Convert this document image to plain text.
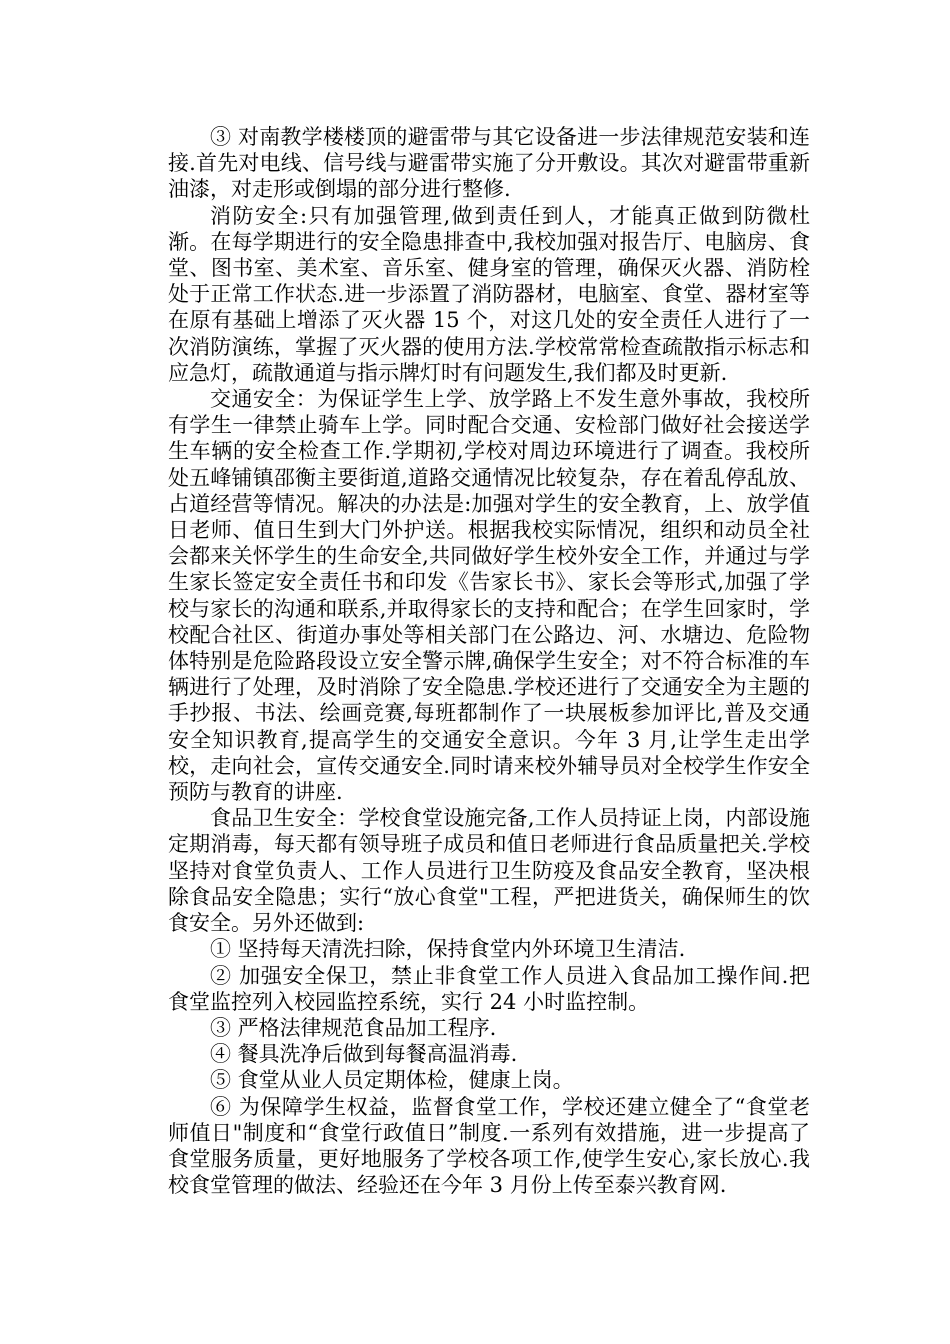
③ 对南教学楼楼顶的避雷带与其它设备进一步法律规范安装和连接.首先对电线、信号线与避雷带实施了分开敷设。其次对避雷带重新油漆，对走形或倒塌的部分进行整修.

消防安全:只有加强管理,做到责任到人，才能真正做到防微杜渐。在每学期进行的安全隐患排查中,我校加强对报告厅、电脑房、食堂、图书室、美术室、音乐室、健身室的管理，确保灭火器、消防栓处于正常工作状态.进一步添置了消防器材，电脑室、食堂、器材室等在原有基础上增添了灭火器 15 个，对这几处的安全责任人进行了一次消防演练，掌握了灭火器的使用方法.学校常常检查疏散指示标志和应急灯，疏散通道与指示牌灯时有问题发生,我们都及时更新.

交通安全：为保证学生上学、放学路上不发生意外事故，我校所有学生一律禁止骑车上学。同时配合交通、安检部门做好社会接送学生车辆的安全检查工作.学期初,学校对周边环境进行了调查。我校所处五峰铺镇邵衡主要街道,道路交通情况比较复杂，存在着乱停乱放、占道经营等情况。解决的办法是:加强对学生的安全教育，上、放学值日老师、值日生到大门外护送。根据我校实际情况，组织和动员全社会都来关怀学生的生命安全,共同做好学生校外安全工作，并通过与学生家长签定安全责任书和印发《告家长书》、家长会等形式,加强了学校与家长的沟通和联系,并取得家长的支持和配合；在学生回家时，学校配合社区、街道办事处等相关部门在公路边、河、水塘边、危险物体特别是危险路段设立安全警示牌,确保学生安全；对不符合标准的车辆进行了处理，及时消除了安全隐患.学校还进行了交通安全为主题的手抄报、书法、绘画竞赛,每班都制作了一块展板参加评比,普及交通安全知识教育,提高学生的交通安全意识。今年 3 月,让学生走出学校，走向社会，宣传交通安全.同时请来校外辅导员对全校学生作安全预防与教育的讲座.

食品卫生安全：学校食堂设施完备,工作人员持证上岗，内部设施定期消毒，每天都有领导班子成员和值日老师进行食品质量把关.学校坚持对食堂负责人、工作人员进行卫生防疫及食品安全教育，坚决根除食品安全隐患；实行“放心食堂"工程，严把进货关，确保师生的饮食安全。另外还做到:

① 坚持每天清洗扫除，保持食堂内外环境卫生清洁.

② 加强安全保卫，禁止非食堂工作人员进入食品加工操作间.把食堂监控列入校园监控系统，实行 24 小时监控制。

③ 严格法律规范食品加工程序.

④ 餐具洗净后做到每餐高温消毒.

⑤ 食堂从业人员定期体检，健康上岗。

⑥ 为保障学生权益，监督食堂工作，学校还建立健全了“食堂老师值日"制度和“食堂行政值日”制度.一系列有效措施，进一步提高了食堂服务质量，更好地服务了学校各项工作,使学生安心,家长放心.我校食堂管理的做法、经验还在今年 3 月份上传至泰兴教育网.
